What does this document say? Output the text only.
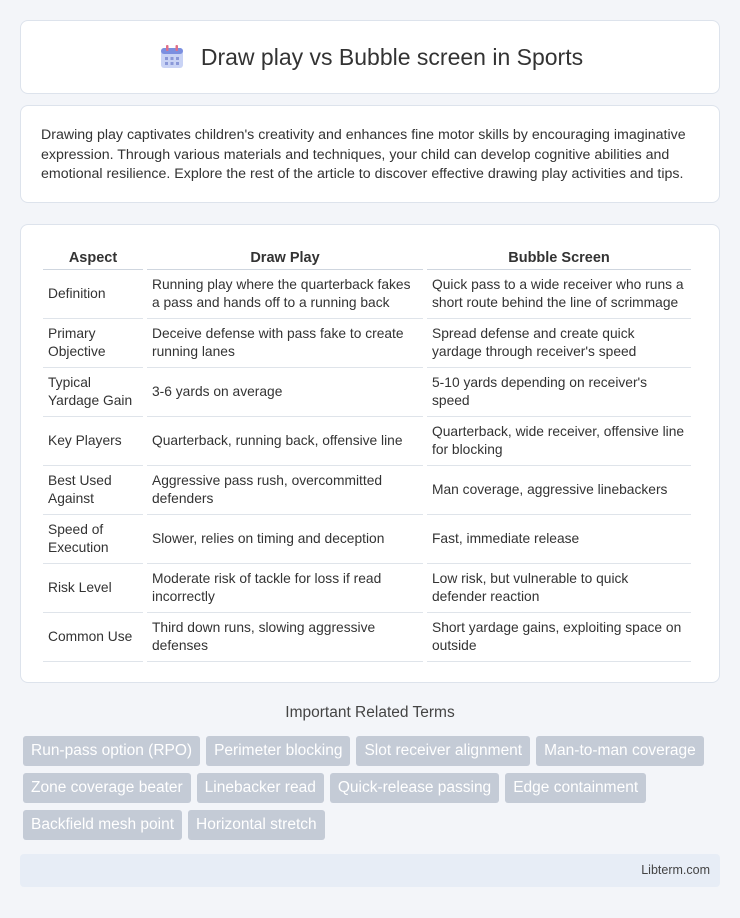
Draw play vs Bubble screen in Sports

Drawing play captivates children's creativity and enhances fine motor skills by encouraging imaginative expression. Through various materials and techniques, your child can develop cognitive abilities and emotional resilience. Explore the rest of the article to discover effective drawing play activities and tips.

Aspect	Draw Play	Bubble Screen
Definition	Running play where the quarterback fakes a pass and hands off to a running back	Quick pass to a wide receiver who runs a short route behind the line of scrimmage
Primary Objective	Deceive defense with pass fake to create running lanes	Spread defense and create quick yardage through receiver's speed
Typical Yardage Gain	3-6 yards on average	5-10 yards depending on receiver's speed
Key Players	Quarterback, running back, offensive line	Quarterback, wide receiver, offensive line for blocking
Best Used Against	Aggressive pass rush, overcommitted defenders	Man coverage, aggressive linebackers
Speed of Execution	Slower, relies on timing and deception	Fast, immediate release
Risk Level	Moderate risk of tackle for loss if read incorrectly	Low risk, but vulnerable to quick defender reaction
Common Use	Third down runs, slowing aggressive defenses	Short yardage gains, exploiting space on outside
Important Related Terms
Run-pass option (RPO)	Perimeter blocking	Slot receiver alignment	Man-to-man coverage
Zone coverage beater	Linebacker read	Quick-release passing	Edge containment
Backfield mesh point	Horizontal stretch
Libterm.com
